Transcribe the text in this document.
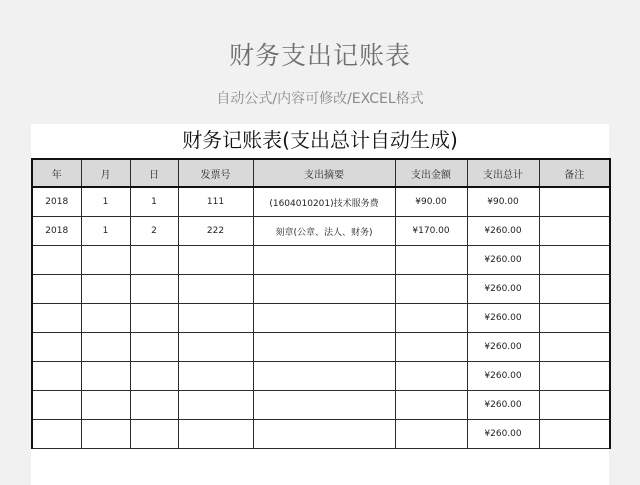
财务支出记账表
自动公式/内容可修改/EXCEL格式
财务记账表(支出总计自动生成)
年	月	日	发票号	支出摘要	支出金额	支出总计	备注
2018	1	1	111	(1604010201)技术服务费	¥90.00	¥90.00	
2018	1	2	222	刻章(公章、法人、财务)	¥170.00	¥260.00	
						¥260.00	
						¥260.00	
						¥260.00	
						¥260.00	
						¥260.00	
						¥260.00	
						¥260.00	
